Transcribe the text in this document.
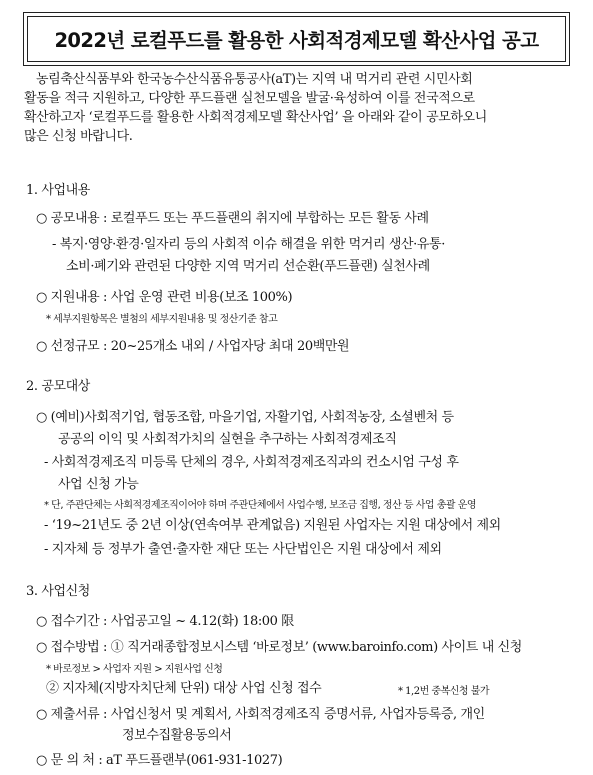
2022년 로컬푸드를 활용한 사회적경제모델 확산사업 공고
농림축산식품부와 한국농수산식품유통공사(aT)는 지역 내 먹거리 관련 시민사회
활동을 적극 지원하고, 다양한 푸드플랜 실천모델을 발굴·육성하여 이를 전국적으로
확산하고자 ‘로컬푸드를 활용한 사회적경제모델 확산사업’ 을 아래와 같이 공모하오니
많은 신청 바랍니다.
1. 사업내용
○ 공모내용 : 로컬푸드 또는 푸드플랜의 취지에 부합하는 모든 활동 사례
- 복지·영양·환경·일자리 등의 사회적 이슈 해결을 위한 먹거리 생산·유통·
소비·폐기와 관련된 다양한 지역 먹거리 선순환(푸드플랜) 실천사례
○ 지원내용 : 사업 운영 관련 비용(보조 100%)
* 세부지원항목은 별첨의 세부지원내용 및 정산기준 참고
○ 선정규모 : 20~25개소 내외 / 사업자당 최대 20백만원
2. 공모대상
○ (예비)사회적기업, 협동조합, 마을기업, 자활기업, 사회적농장, 소셜벤처 등
공공의 이익 및 사회적가치의 실현을 추구하는 사회적경제조직
- 사회적경제조직 미등록 단체의 경우, 사회적경제조직과의 컨소시엄 구성 후
사업 신청 가능
* 단, 주관단체는 사회적경제조직이어야 하며 주관단체에서 사업수행, 보조금 집행, 정산 등 사업 총괄 운영
- ‘19~21년도 중 2년 이상(연속여부 관계없음) 지원된 사업자는 지원 대상에서 제외
- 지자체 등 정부가 출연·출자한 재단 또는 사단법인은 지원 대상에서 제외
3. 사업신청
○ 접수기간 : 사업공고일 ~ 4.12(화) 18:00 限
○ 접수방법 : ① 직거래종합정보시스템 ‘바로정보’ (www.baroinfo.com) 사이트 내 신청
* 바로정보 > 사업자 지원 > 지원사업 신청
② 지자체(지방자치단체 단위) 대상 사업 신청 접수	* 1,2번 중복신청 불가
○ 제출서류 : 사업신청서 및 계획서, 사회적경제조직 증명서류, 사업자등록증, 개인
정보수집활용동의서
○ 문 의 처 : aT 푸드플랜부(061-931-1027)
